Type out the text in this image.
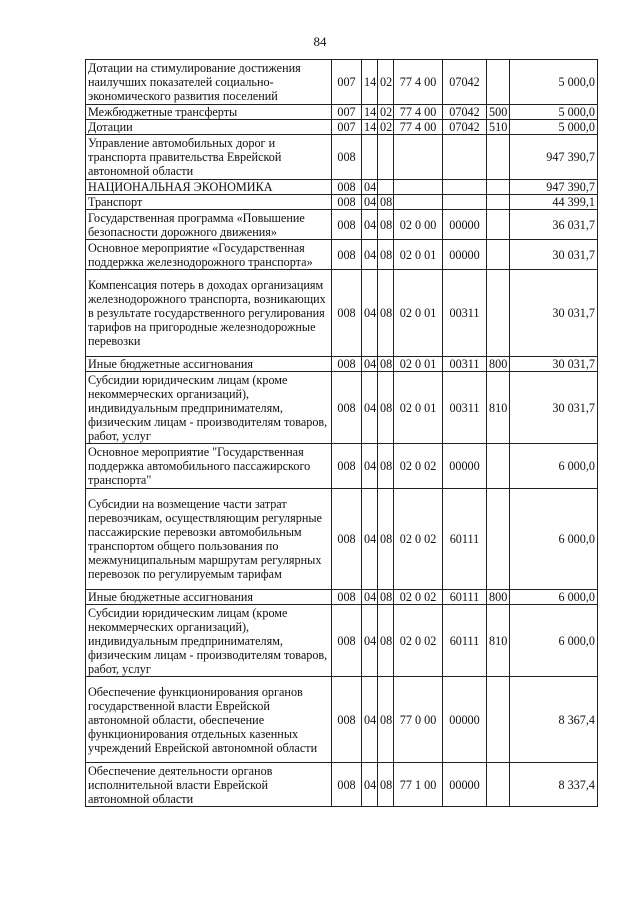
84
Дотации на стимулирование достижения наилучших показателей социально-экономического развития поселений	007	14	02	77 4 00	07042		5 000,0
Межбюджетные трансферты	007	14	02	77 4 00	07042	500	5 000,0
Дотации	007	14	02	77 4 00	07042	510	5 000,0
Управление автомобильных дорог и транспорта правительства Еврейской автономной области	008						947 390,7
НАЦИОНАЛЬНАЯ ЭКОНОМИКА	008	04					947 390,7
Транспорт	008	04	08				44 399,1
Государственная программа «Повышение безопасности дорожного движения»	008	04	08	02 0 00	00000		36 031,7
Основное мероприятие «Государственная поддержка железнодорожного транспорта»	008	04	08	02 0 01	00000		30 031,7
Компенсация потерь в доходах организациям железнодорожного транспорта, возникающих в результате государственного регулирования тарифов на пригородные железнодорожные перевозки	008	04	08	02 0 01	00311		30 031,7
Иные бюджетные ассигнования	008	04	08	02 0 01	00311	800	30 031,7
Субсидии юридическим лицам (кроме некоммерческих организаций), индивидуальным предпринимателям, физическим лицам - производителям товаров, работ, услуг	008	04	08	02 0 01	00311	810	30 031,7
Основное мероприятие "Государственная поддержка автомобильного пассажирского транспорта"	008	04	08	02 0 02	00000		6 000,0
Субсидии на возмещение части затрат перевозчикам, осуществляющим регулярные пассажирские перевозки автомобильным транспортом общего пользования по межмуниципальным маршрутам регулярных перевозок по регулируемым тарифам	008	04	08	02 0 02	60111		6 000,0
Иные бюджетные ассигнования	008	04	08	02 0 02	60111	800	6 000,0
Субсидии юридическим лицам (кроме некоммерческих организаций), индивидуальным предпринимателям, физическим лицам - производителям товаров, работ, услуг	008	04	08	02 0 02	60111	810	6 000,0
Обеспечение функционирования органов государственной власти Еврейской автономной области, обеспечение функционирования отдельных казенных учреждений Еврейской автономной области	008	04	08	77 0 00	00000		8 367,4
Обеспечение деятельности органов исполнительной власти Еврейской автономной области	008	04	08	77 1 00	00000		8 337,4
